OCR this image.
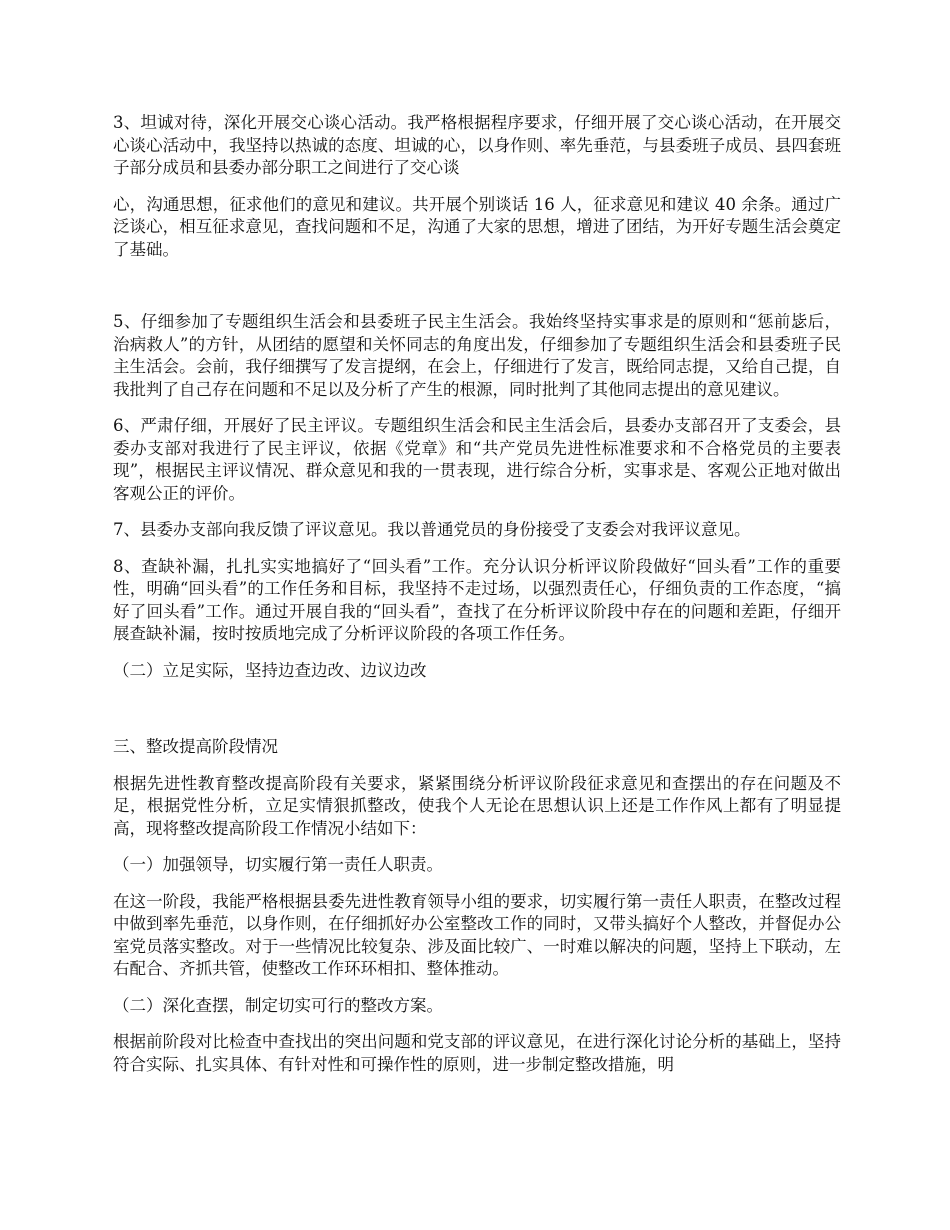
3、坦诚对待，深化开展交心谈心活动。我严格根据程序要求，仔细开展了交心谈心活动，在开展交心谈心活动中，我坚持以热诚的态度、坦诚的心，以身作则、率先垂范，与县委班子成员、县四套班子部分成员和县委办部分职工之间进行了交心谈

心，沟通思想，征求他们的意见和建议。共开展个别谈话 16 人，征求意见和建议 40 余条。通过广泛谈心，相互征求意见，查找问题和不足，沟通了大家的思想，增进了团结，为开好专题生活会奠定了基础。

5、仔细参加了专题组织生活会和县委班子民主生活会。我始终坚持实事求是的原则和“惩前毖后，治病救人”的方针，从团结的愿望和关怀同志的角度出发，仔细参加了专题组织生活会和县委班子民主生活会。会前，我仔细撰写了发言提纲，在会上，仔细进行了发言，既给同志提，又给自己提，自我批判了自己存在问题和不足以及分析了产生的根源，同时批判了其他同志提出的意见建议。

6、严肃仔细，开展好了民主评议。专题组织生活会和民主生活会后，县委办支部召开了支委会，县委办支部对我进行了民主评议，依据《党章》和“共产党员先进性标准要求和不合格党员的主要表现”，根据民主评议情况、群众意见和我的一贯表现，进行综合分析，实事求是、客观公正地对做出客观公正的评价。

7、县委办支部向我反馈了评议意见。我以普通党员的身份接受了支委会对我评议意见。

8、查缺补漏，扎扎实实地搞好了“回头看”工作。充分认识分析评议阶段做好“回头看”工作的重要性，明确“回头看”的工作任务和目标，我坚持不走过场，以强烈责任心，仔细负责的工作态度，“搞好了回头看”工作。通过开展自我的“回头看”，查找了在分析评议阶段中存在的问题和差距，仔细开展查缺补漏，按时按质地完成了分析评议阶段的各项工作任务。

（二）立足实际，坚持边查边改、边议边改

三、整改提高阶段情况

根据先进性教育整改提高阶段有关要求，紧紧围绕分析评议阶段征求意见和查摆出的存在问题及不足，根据党性分析，立足实情狠抓整改，使我个人无论在思想认识上还是工作作风上都有了明显提高，现将整改提高阶段工作情况小结如下：

（一）加强领导，切实履行第一责任人职责。

在这一阶段，我能严格根据县委先进性教育领导小组的要求，切实履行第一责任人职责，在整改过程中做到率先垂范，以身作则，在仔细抓好办公室整改工作的同时，又带头搞好个人整改，并督促办公室党员落实整改。对于一些情况比较复杂、涉及面比较广、一时难以解决的问题，坚持上下联动，左右配合、齐抓共管，使整改工作环环相扣、整体推动。

（二）深化查摆，制定切实可行的整改方案。

根据前阶段对比检查中查找出的突出问题和党支部的评议意见，在进行深化讨论分析的基础上，坚持符合实际、扎实具体、有针对性和可操作性的原则，进一步制定整改措施，明
